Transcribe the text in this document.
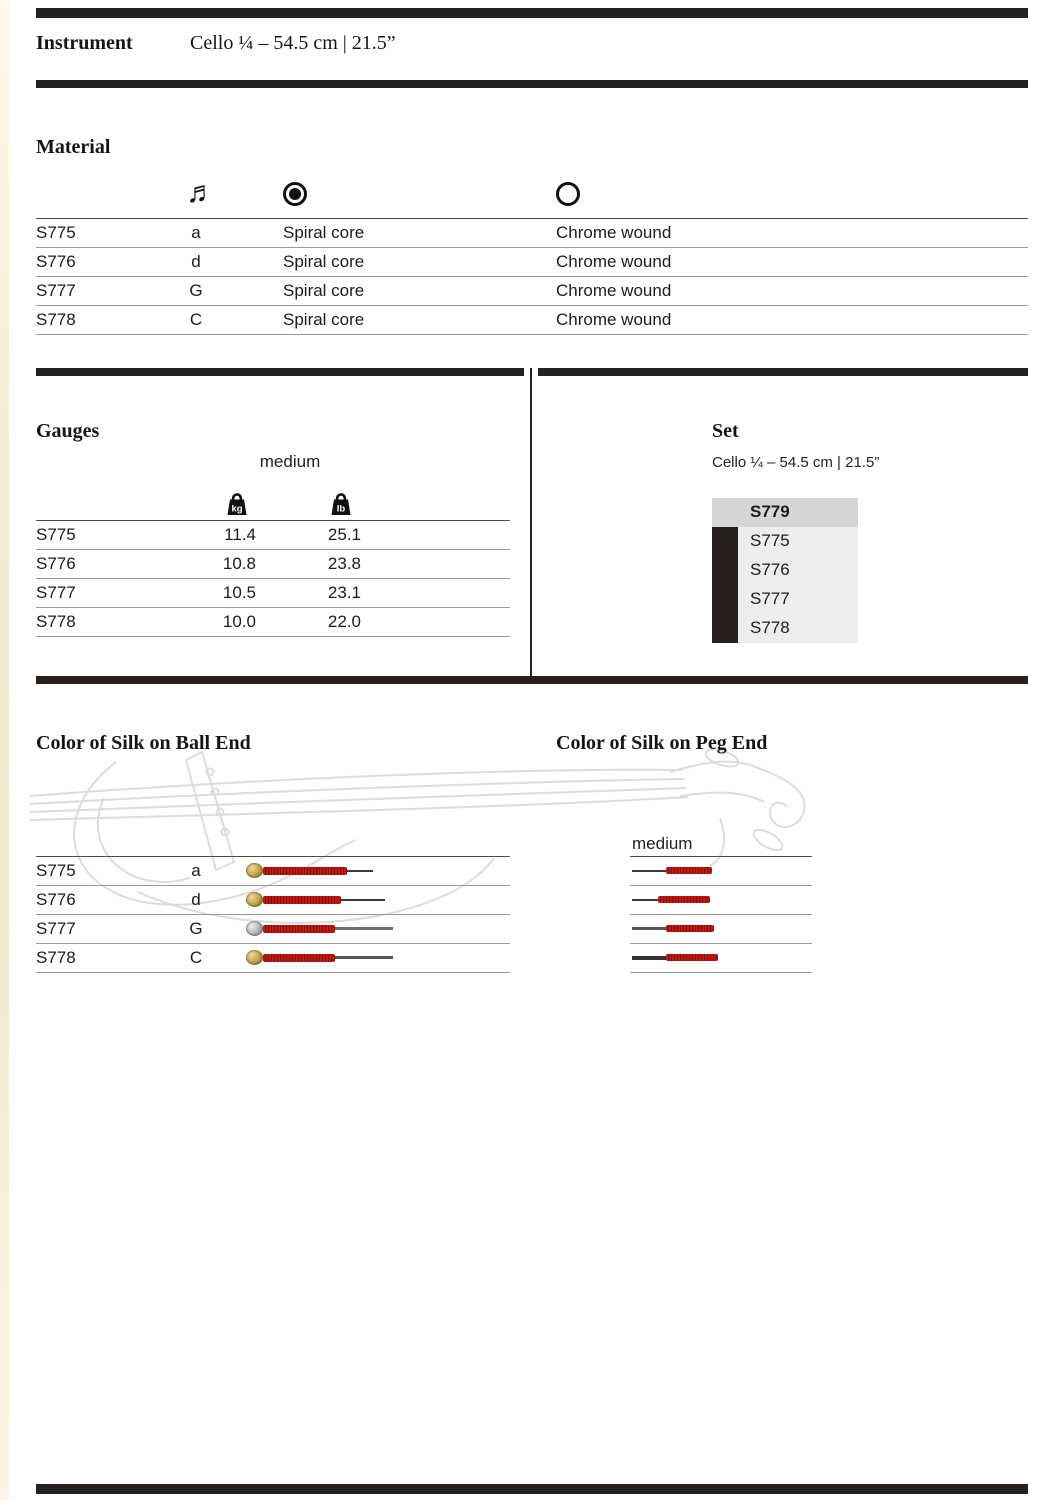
Instrument	Cello ¼ – 54.5 cm | 21.5”
Material
♬
S775	a	Spiral core	Chrome wound
S776	d	Spiral core	Chrome wound
S777	G	Spiral core	Chrome wound
S778	C	Spiral core	Chrome wound
Gauges
medium
kg	lb
S775	11.4	25.1
S776	10.8	23.8
S777	10.5	23.1
S778	10.0	22.0
Set
Cello ¼ – 54.5 cm | 21.5”
S779
S775
S776
S777
S778
Color of Silk on Ball End	Color of Silk on Peg End
medium
S775	a
S776	d
S777	G
S778	C
